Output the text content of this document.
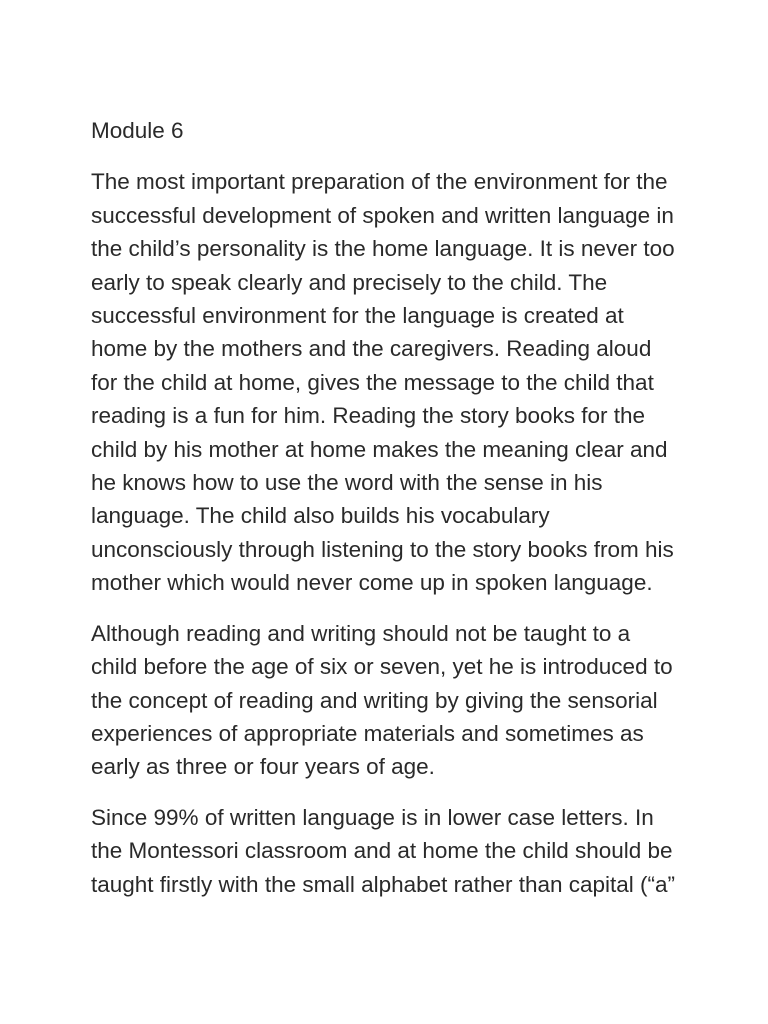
Module 6
The most important preparation of the environment for the
successful development of spoken and written language in
the child’s personality is the home language. It is never too
early to speak clearly and precisely to the child. The
successful environment for the language is created at
home by the mothers and the caregivers. Reading aloud
for the child at home, gives the message to the child that
reading is a fun for him. Reading the story books for the
child by his mother at home makes the meaning clear and
he knows how to use the word with the sense in his
language. The child also builds his vocabulary
unconsciously through listening to the story books from his
mother which would never come up in spoken language.
Although reading and writing should not be taught to a
child before the age of six or seven, yet he is introduced to
the concept of reading and writing by giving the sensorial
experiences of appropriate materials and sometimes as
early as three or four years of age.
Since 99% of written language is in lower case letters. In
the Montessori classroom and at home the child should be
taught firstly with the small alphabet rather than capital (“a”
